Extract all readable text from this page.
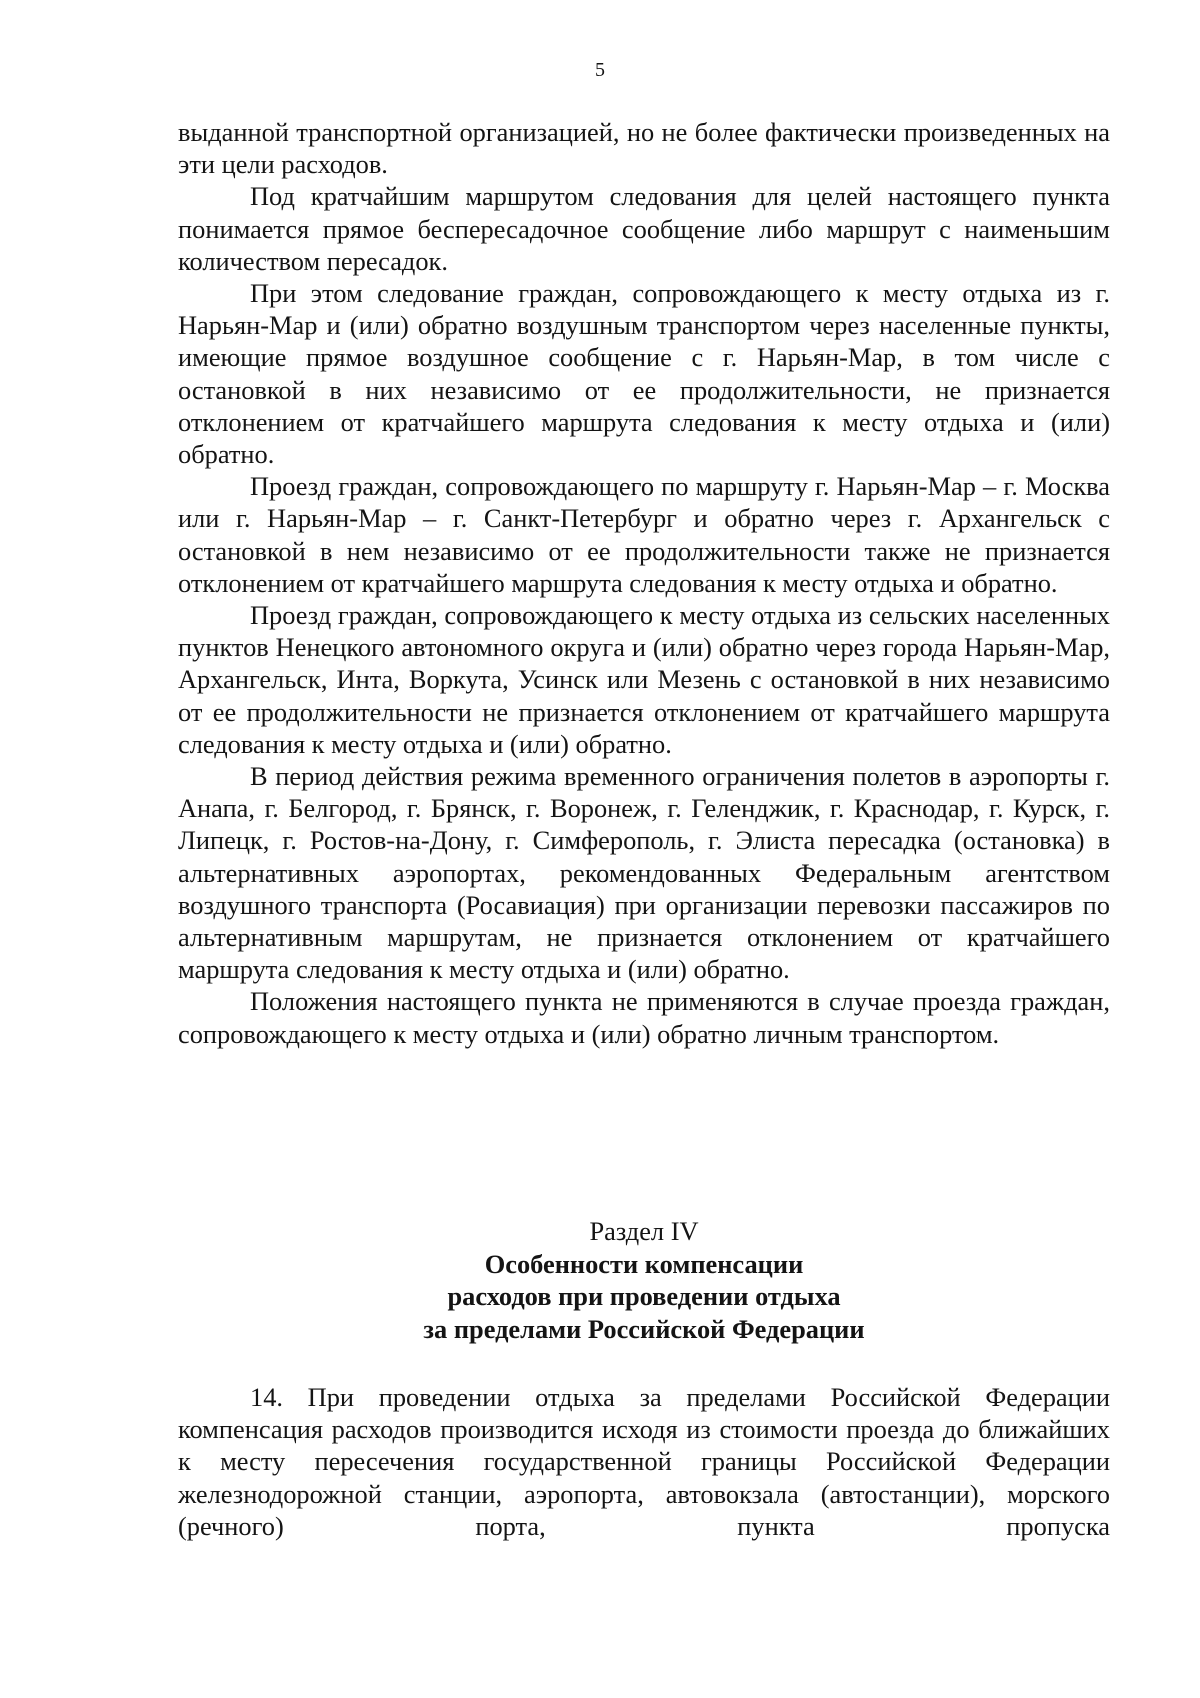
5

выданной транспортной организацией, но не более фактически произведенных на эти цели расходов.

Под кратчайшим маршрутом следования для целей настоящего пункта понимается прямое беспересадочное сообщение либо маршрут с наименьшим количеством пересадок.

При этом следование граждан, сопровождающего к месту отдыха из г. Нарьян-Мар и (или) обратно воздушным транспортом через населенные пункты, имеющие прямое воздушное сообщение с г. Нарьян-Мар, в том числе с остановкой в них независимо от ее продолжительности, не признается отклонением от кратчайшего маршрута следования к месту отдыха и (или) обратно.

Проезд граждан, сопровождающего по маршруту г. Нарьян-Мар – г. Москва или г. Нарьян-Мар – г. Санкт-Петербург и обратно через г. Архангельск с остановкой в нем независимо от ее продолжительности также не признается отклонением от кратчайшего маршрута следования к месту отдыха и обратно.

Проезд граждан, сопровождающего к месту отдыха из сельских населенных пунктов Ненецкого автономного округа и (или) обратно через города Нарьян-Мар, Архангельск, Инта, Воркута, Усинск или Мезень с остановкой в них независимо от ее продолжительности не признается отклонением от кратчайшего маршрута следования к месту отдыха и (или) обратно.

В период действия режима временного ограничения полетов в аэропорты г. Анапа, г. Белгород, г. Брянск, г. Воронеж, г. Геленджик, г. Краснодар, г. Курск, г. Липецк, г. Ростов-на-Дону, г. Симферополь, г. Элиста пересадка (остановка) в альтернативных аэропортах, рекомендованных Федеральным агентством воздушного транспорта (Росавиация) при организации перевозки пассажиров по альтернативным маршрутам, не признается отклонением от кратчайшего маршрута следования к месту отдыха и (или) обратно.

Положения настоящего пункта не применяются в случае проезда граждан, сопровождающего к месту отдыха и (или) обратно личным транспортом.

Раздел IV
Особенности компенсации
расходов при проведении отдыха
за пределами Российской Федерации

14. При проведении отдыха за пределами Российской Федерации компенсация расходов производится исходя из стоимости проезда до ближайших к месту пересечения государственной границы Российской Федерации железнодорожной станции, аэропорта, автовокзала (автостанции), морского (речного) порта, пункта пропуска
